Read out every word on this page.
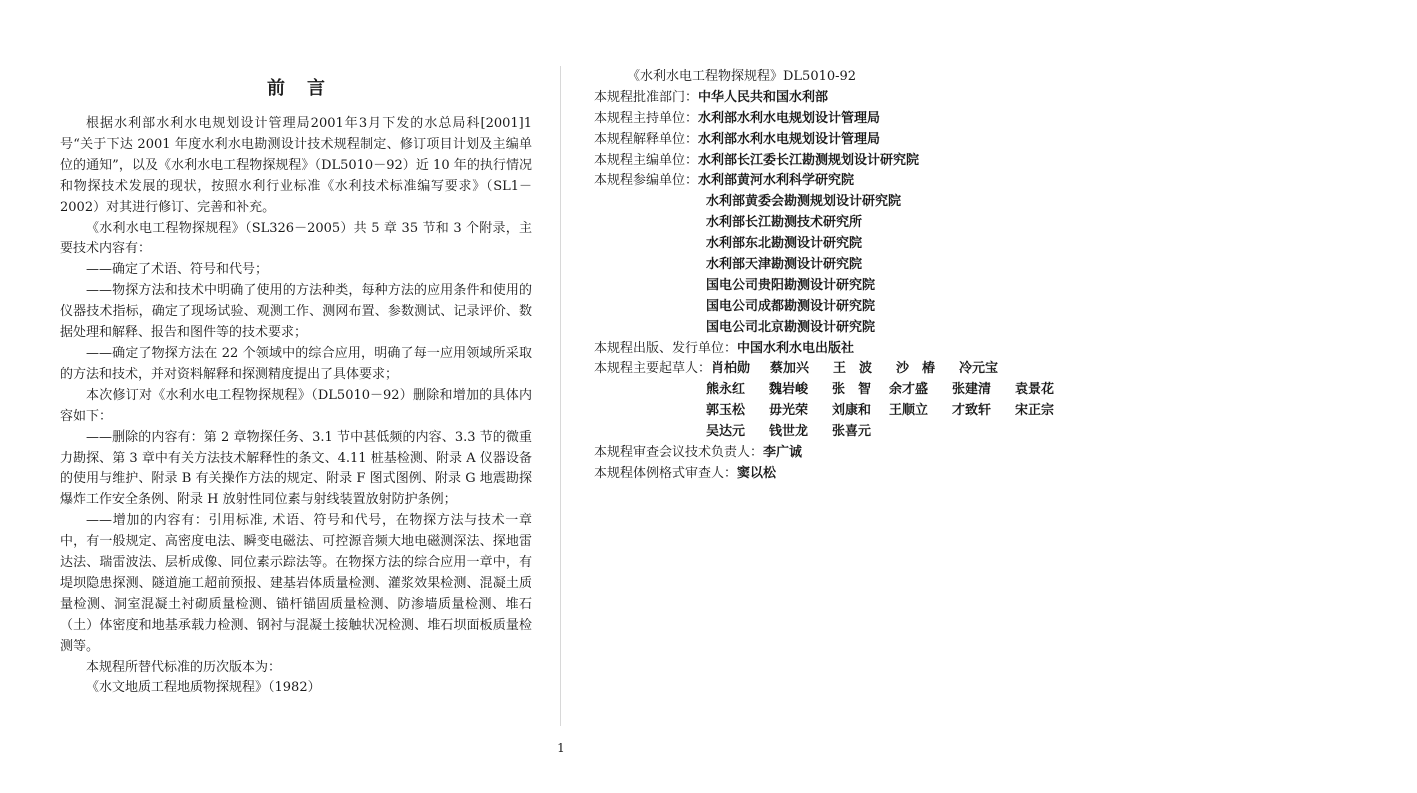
前 言

根据水利部水利水电规划设计管理局2001年3月下发的水总局科[2001]1号“关于下达 2001 年度水利水电勘测设计技术规程制定、修订项目计划及主编单位的通知”，以及《水利水电工程物探规程》（DL5010－92）近 10 年的执行情况和物探技术发展的现状，按照水利行业标准《水利技术标准编写要求》（SL1－2002）对其进行修订、完善和补充。

《水利水电工程物探规程》（SL326－2005）共 5 章 35 节和 3 个附录，主要技术内容有：

——确定了术语、符号和代号；

——物探方法和技术中明确了使用的方法种类，每种方法的应用条件和使用的仪器技术指标，确定了现场试验、观测工作、测网布置、参数测试、记录评价、数据处理和解释、报告和图件等的技术要求；

——确定了物探方法在 22 个领域中的综合应用，明确了每一应用领域所采取的方法和技术，并对资料解释和探测精度提出了具体要求；

本次修订对《水利水电工程物探规程》（DL5010－92）删除和增加的具体内容如下：

——删除的内容有：第 2 章物探任务、3.1 节中甚低频的内容、3.3 节的微重力勘探、第 3 章中有关方法技术解释性的条文、4.11 桩基检测、附录 A 仪器设备的使用与维护、附录 B 有关操作方法的规定、附录 F 图式图例、附录 G 地震勘探爆炸工作安全条例、附录 H 放射性同位素与射线装置放射防护条例；

——增加的内容有：引用标准, 术语、符号和代号，在物探方法与技术一章中，有一般规定、高密度电法、瞬变电磁法、可控源音频大地电磁测深法、探地雷达法、瑞雷波法、层析成像、同位素示踪法等。在物探方法的综合应用一章中，有堤坝隐患探测、隧道施工超前预报、建基岩体质量检测、灌浆效果检测、混凝土质量检测、洞室混凝土衬砌质量检测、锚杆锚固质量检测、防渗墙质量检测、堆石（土）体密度和地基承载力检测、钢衬与混凝土接触状况检测、堆石坝面板质量检测等。

本规程所替代标准的历次版本为：

《水文地质工程地质物探规程》（1982）

《水利水电工程物探规程》DL5010-92
本规程批准部门：中华人民共和国水利部
本规程主持单位：水利部水利水电规划设计管理局
本规程解释单位：水利部水利水电规划设计管理局
本规程主编单位：水利部长江委长江勘测规划设计研究院
本规程参编单位：水利部黄河水利科学研究院
水利部黄委会勘测规划设计研究院
水利部长江勘测技术研究所
水利部东北勘测设计研究院
水利部天津勘测设计研究院
国电公司贵阳勘测设计研究院
国电公司成都勘测设计研究院
国电公司北京勘测设计研究院
本规程出版、发行单位：中国水利水电出版社
本规程主要起草人：肖柏勋 蔡加兴 王　波 沙　椿 冷元宝
熊永红 魏岩峻 张　智 余才盛 张建清 袁景花
郭玉松 毋光荣 刘康和 王顺立 才致轩 宋正宗
吴达元 钱世龙 张喜元
本规程审查会议技术负责人：李广诚
本规程体例格式审查人：窦以松
1
